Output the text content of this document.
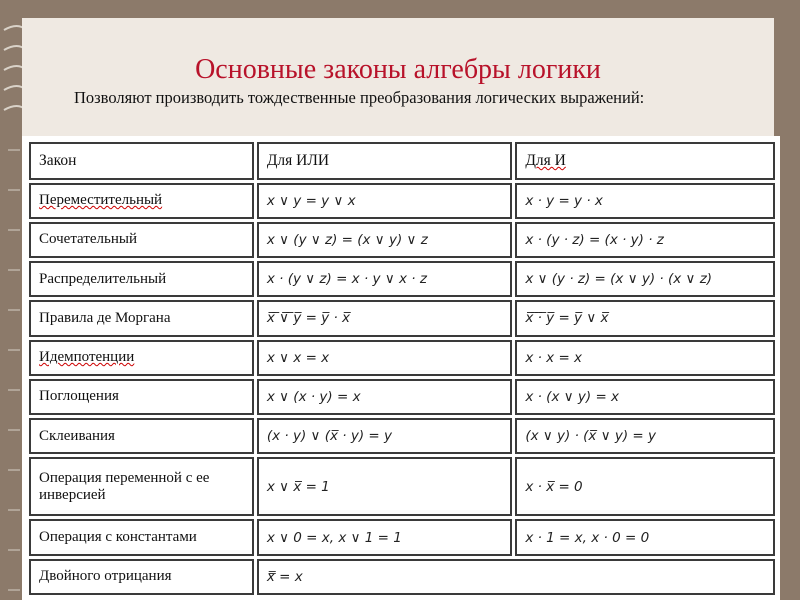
Основные законы алгебры логики
Позволяют производить тождественные преобразования логических выражений:
Закон	Для ИЛИ	Для И
Переместительный	x ∨ y = y ∨ x	x · y = y · x
Сочетательный	x ∨ (y ∨ z) = (x ∨ y) ∨ z	x · (y · z) = (x · y) · z
Распределительный	x · (y ∨ z) = x · y ∨ x · z	x ∨ (y · z) = (x ∨ y) · (x ∨ z)
Правила де Моргана	x̅ ̅∨̅ ̅y̅ = y̅ · x̅	x̅ ̅·̅ ̅y̅ = y̅ ∨ x̅
Идемпотенции	x ∨ x = x	x · x = x
Поглощения	x ∨ (x · y) = x	x · (x ∨ y) = x
Склеивания	(x · y) ∨ (x̅ · y) = y	(x ∨ y) · (x̅ ∨ y) = y
Операция переменной с ее инверсией	x ∨ x̅ = 1	x · x̅ = 0
Операция с константами	x ∨ 0 = x, x ∨ 1 = 1	x · 1 = x, x · 0 = 0
Двойного отрицания	x̿ = x	
